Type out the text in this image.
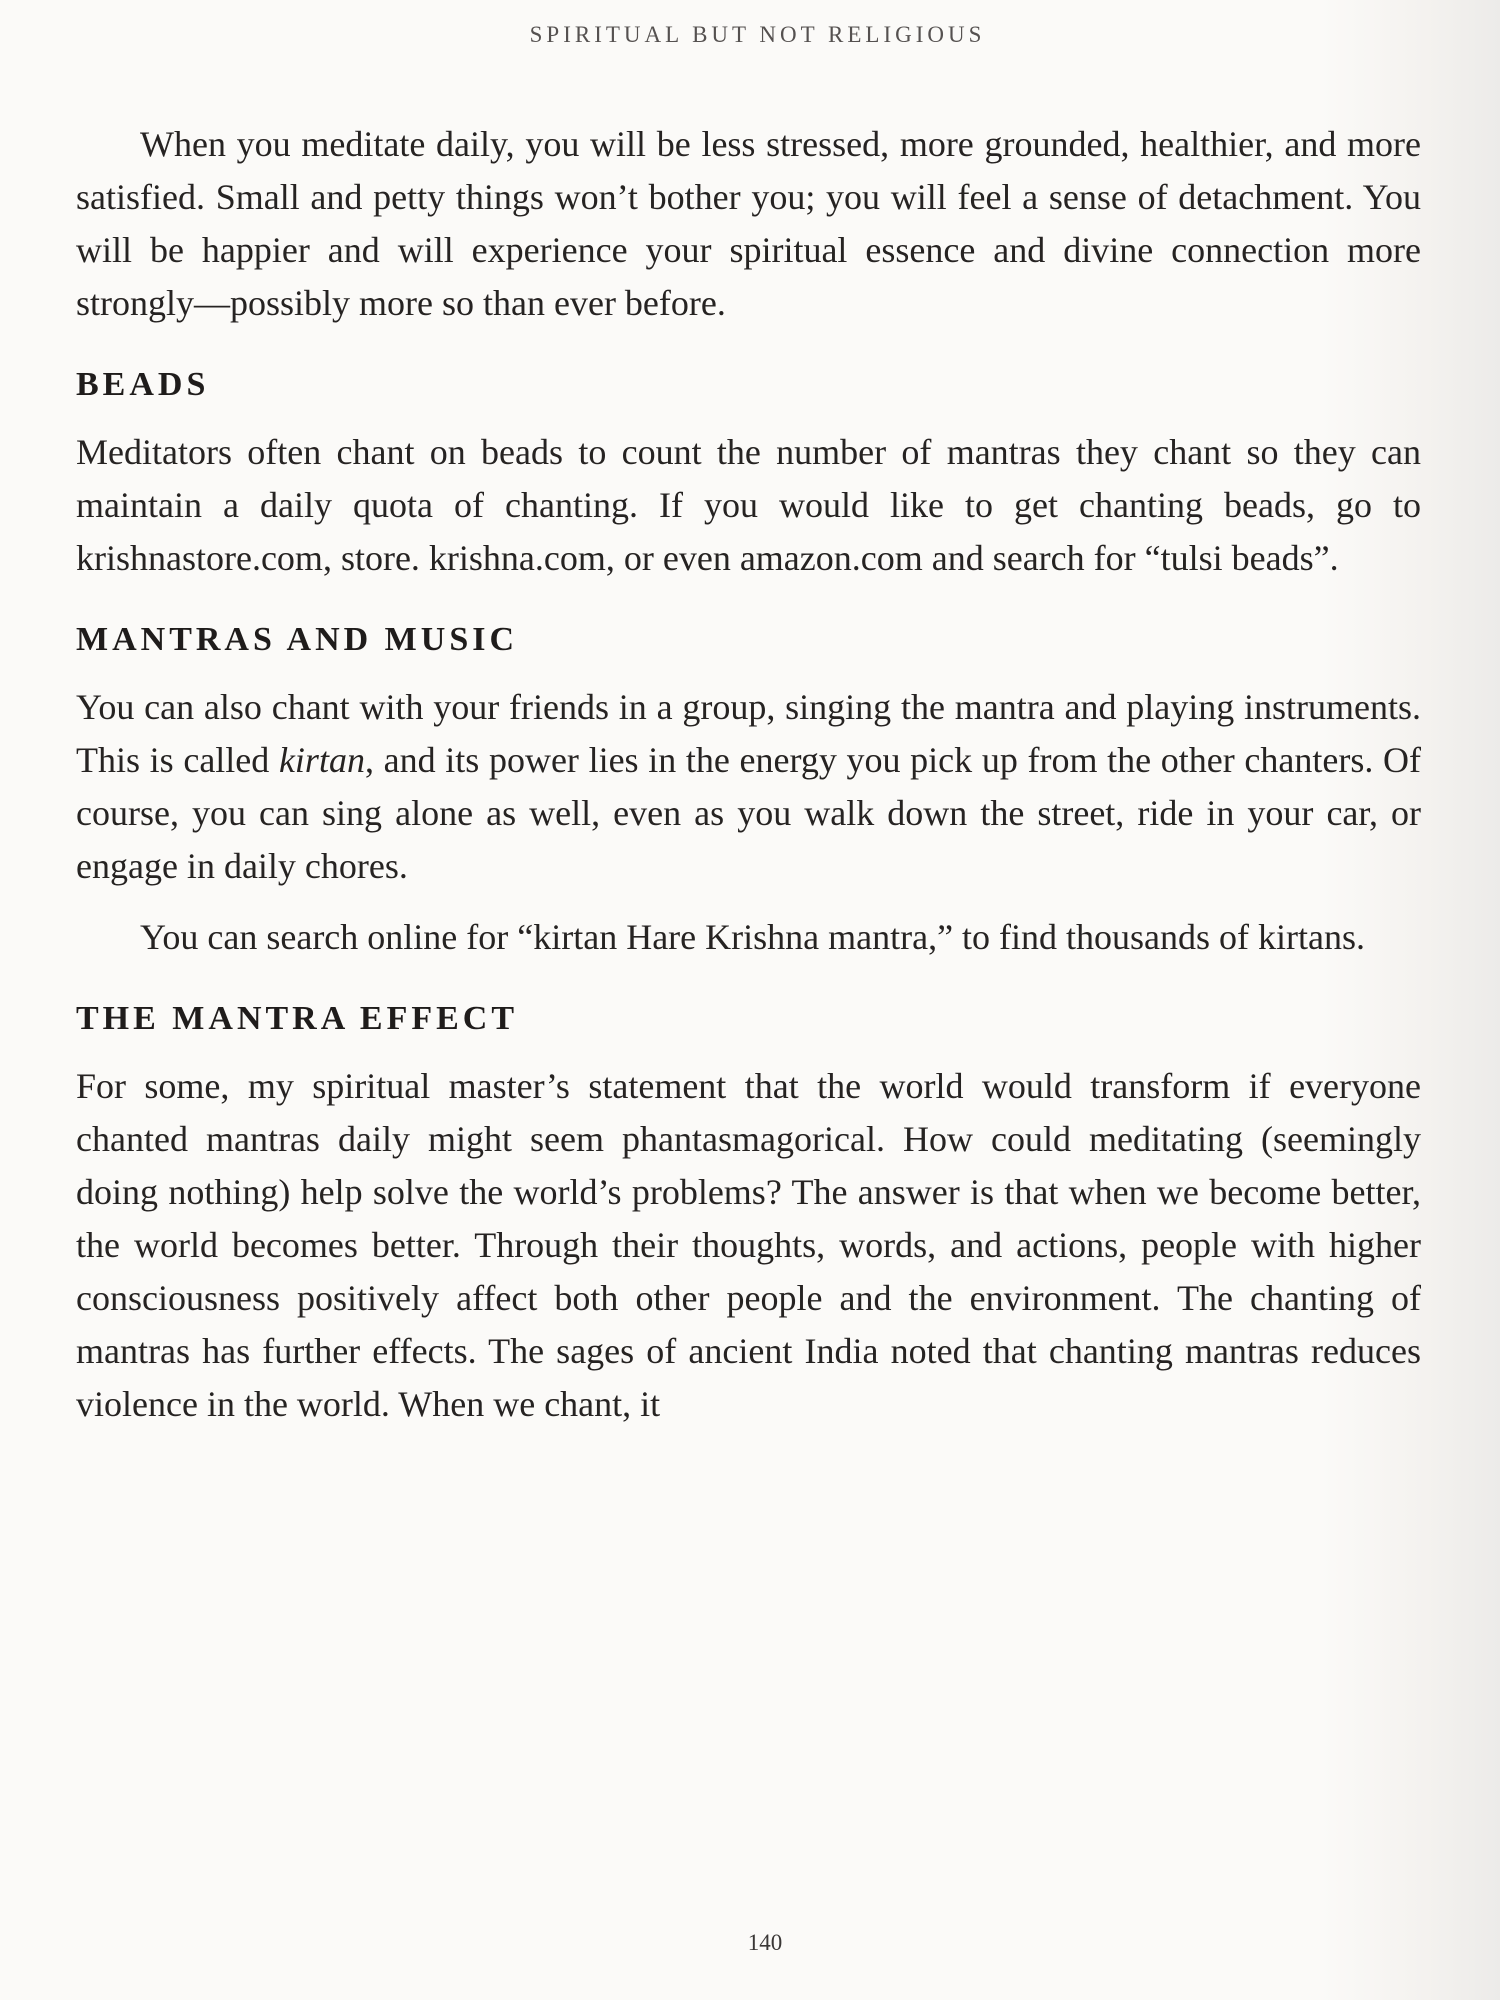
SPIRITUAL BUT NOT RELIGIOUS

When you meditate daily, you will be less stressed, more grounded, healthier, and more satisfied. Small and petty things won’t bother you; you will feel a sense of detachment. You will be happier and will experience your spiritual essence and divine connection more strongly—possibly more so than ever before.

BEADS

Meditators often chant on beads to count the number of mantras they chant so they can maintain a daily quota of chanting. If you would like to get chanting beads, go to krishnastore.com, store. krishna.com, or even amazon.com and search for “tulsi beads”.

MANTRAS AND MUSIC

You can also chant with your friends in a group, singing the mantra and playing instruments. This is called kirtan, and its power lies in the energy you pick up from the other chanters. Of course, you can sing alone as well, even as you walk down the street, ride in your car, or engage in daily chores.

You can search online for “kirtan Hare Krishna mantra,” to find thousands of kirtans.

THE MANTRA EFFECT

For some, my spiritual master’s statement that the world would transform if everyone chanted mantras daily might seem phantasmagorical. How could meditating (seemingly doing nothing) help solve the world’s problems? The answer is that when we become better, the world becomes better. Through their thoughts, words, and actions, people with higher consciousness positively affect both other people and the environment. The chanting of mantras has further effects. The sages of ancient India noted that chanting mantras reduces violence in the world. When we chant, it

140
